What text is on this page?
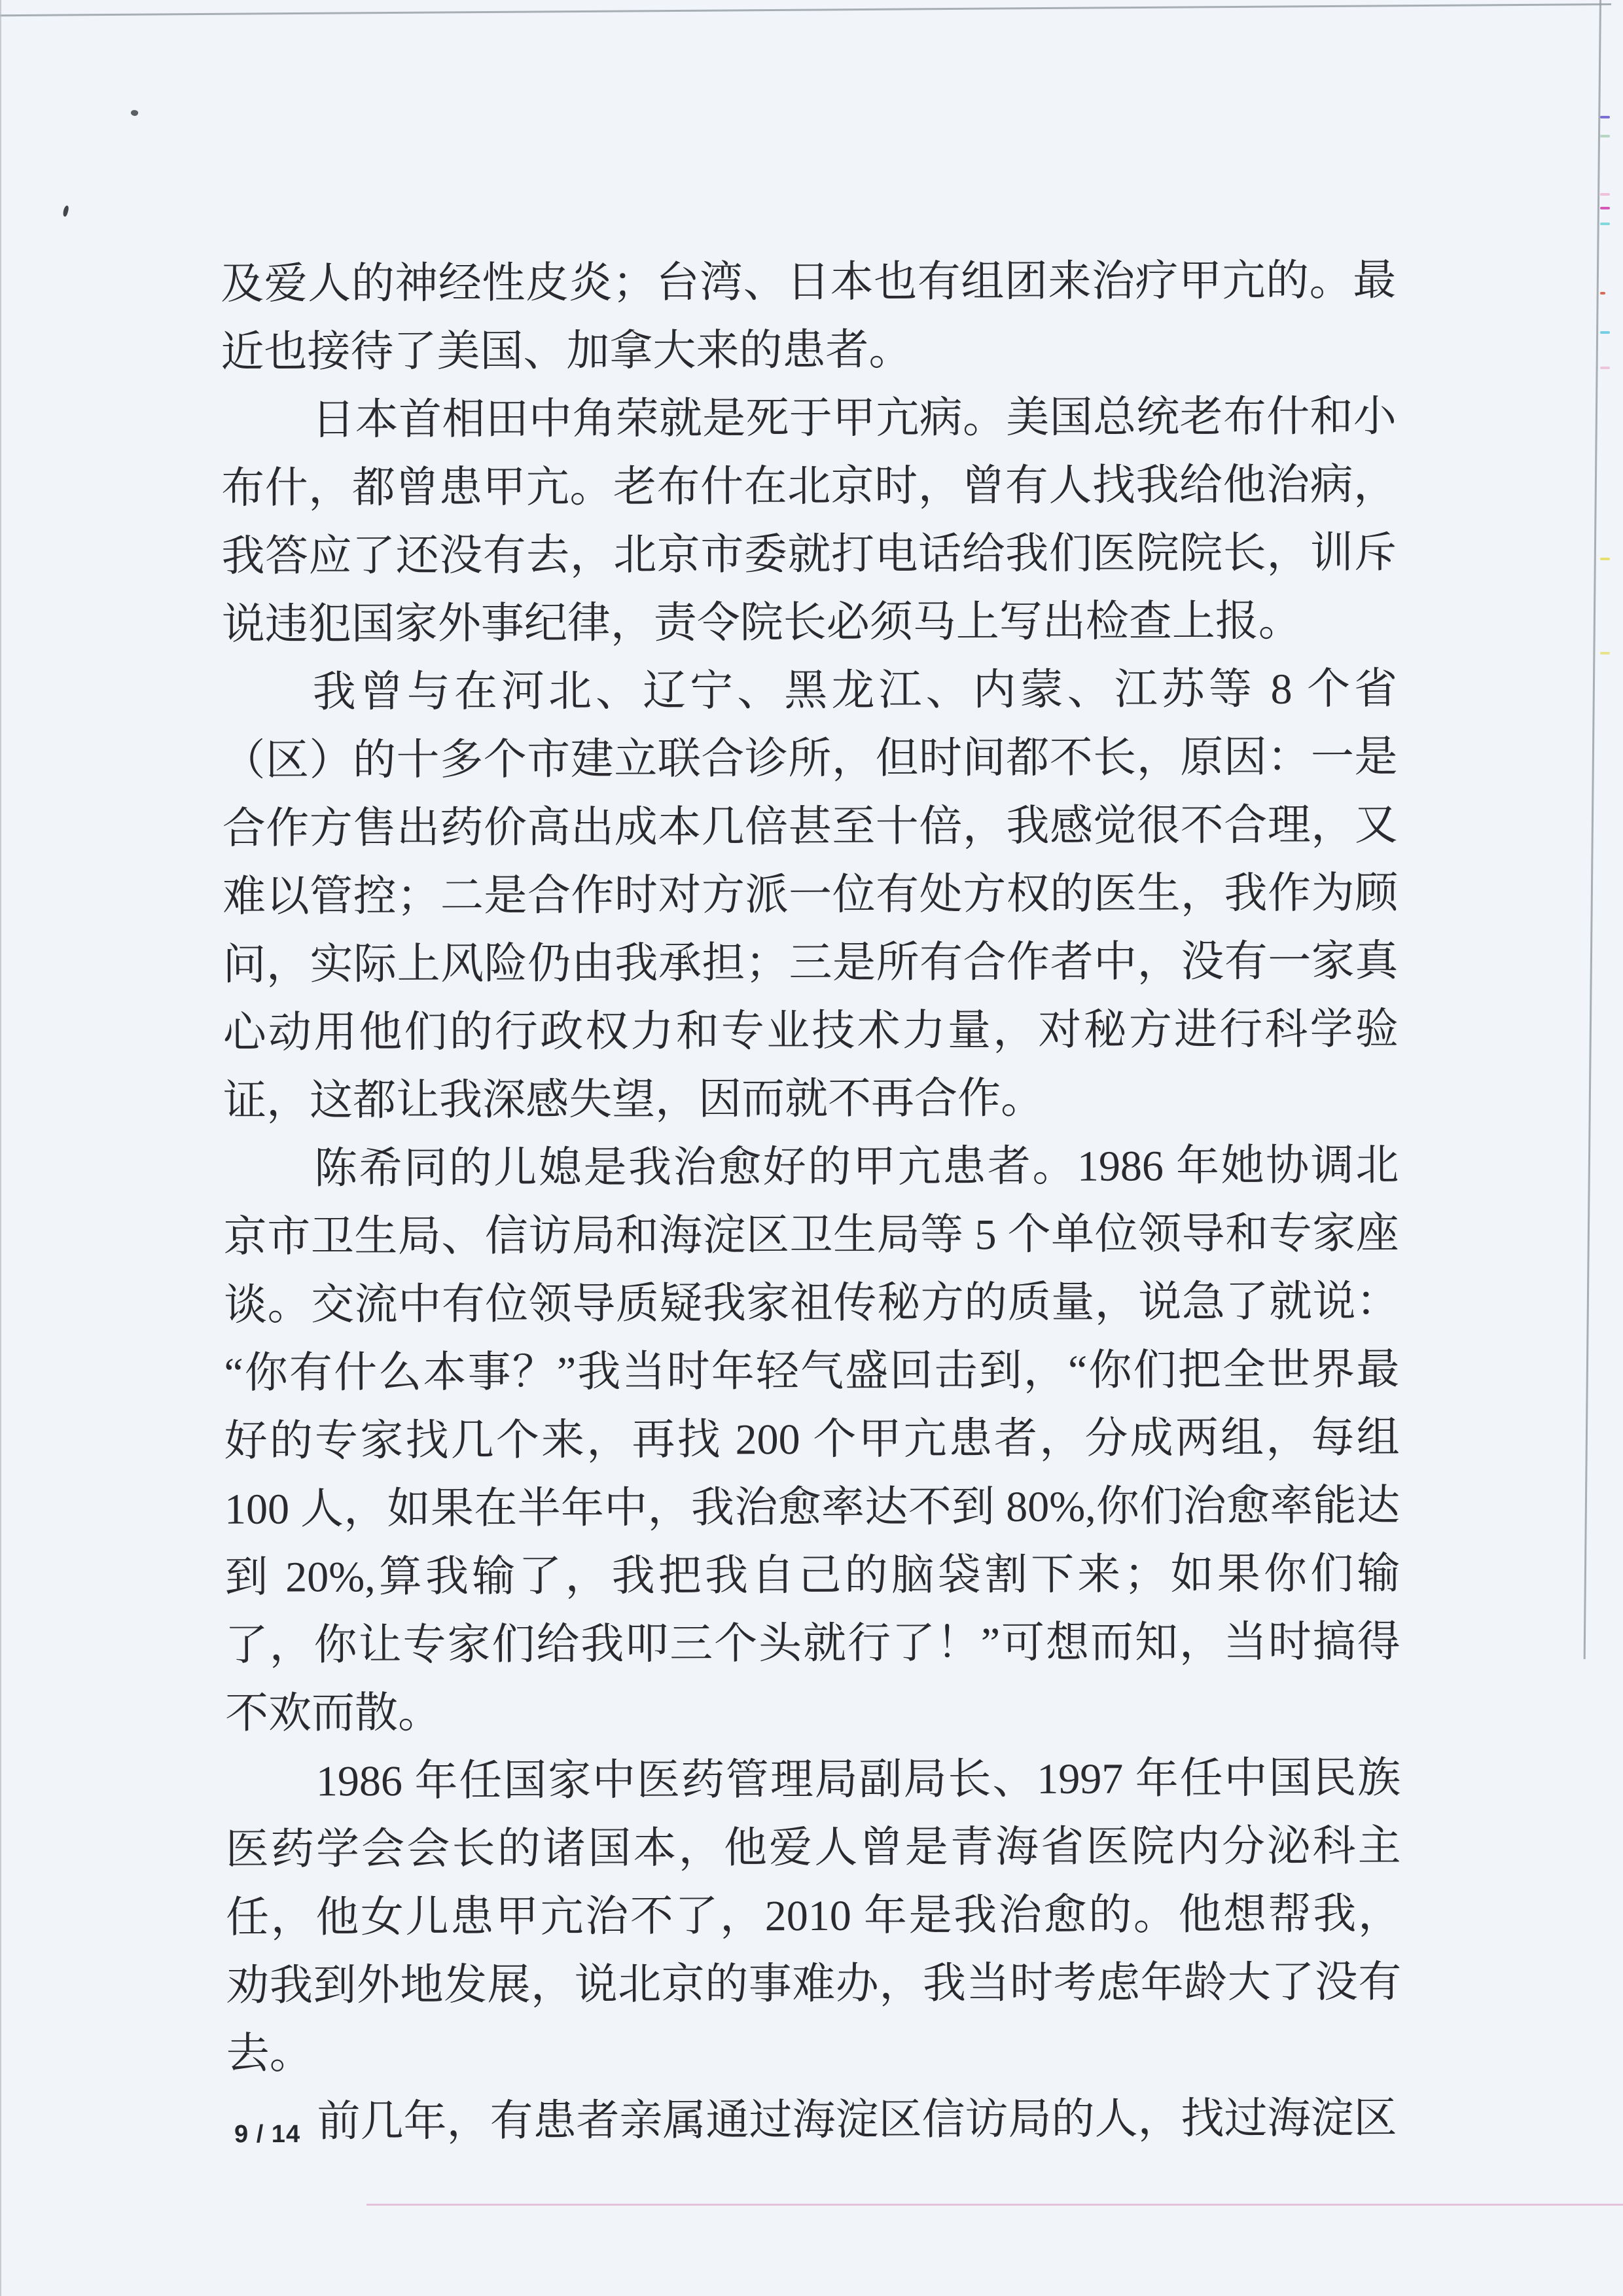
及爱人的神经性皮炎；台湾、日本也有组团来治疗甲亢的。最近也接待了美国、加拿大来的患者。

日本首相田中角荣就是死于甲亢病。美国总统老布什和小布什，都曾患甲亢。老布什在北京时，曾有人找我给他治病，我答应了还没有去，北京市委就打电话给我们医院院长，训斥说违犯国家外事纪律，责令院长必须马上写出检查上报。

我曾与在河北、辽宁、黑龙江、内蒙、江苏等 8 个省（区）的十多个市建立联合诊所，但时间都不长，原因：一是合作方售出药价高出成本几倍甚至十倍，我感觉很不合理，又难以管控；二是合作时对方派一位有处方权的医生，我作为顾问，实际上风险仍由我承担；三是所有合作者中，没有一家真心动用他们的行政权力和专业技术力量，对秘方进行科学验证，这都让我深感失望，因而就不再合作。

陈希同的儿媳是我治愈好的甲亢患者。1986 年她协调北京市卫生局、信访局和海淀区卫生局等 5 个单位领导和专家座谈。交流中有位领导质疑我家祖传秘方的质量，说急了就说：“你有什么本事？”我当时年轻气盛回击到，“你们把全世界最好的专家找几个来，再找 200 个甲亢患者，分成两组，每组 100 人，如果在半年中，我治愈率达不到 80%,你们治愈率能达到 20%,算我输了，我把我自己的脑袋割下来；如果你们输了，你让专家们给我叩三个头就行了！”可想而知，当时搞得不欢而散。

1986 年任国家中医药管理局副局长、1997 年任中国民族医药学会会长的诸国本，他爱人曾是青海省医院内分泌科主任，他女儿患甲亢治不了，2010 年是我治愈的。他想帮我，劝我到外地发展，说北京的事难办，我当时考虑年龄大了没有去。

前几年，有患者亲属通过海淀区信访局的人，找过海淀区

9 / 14
